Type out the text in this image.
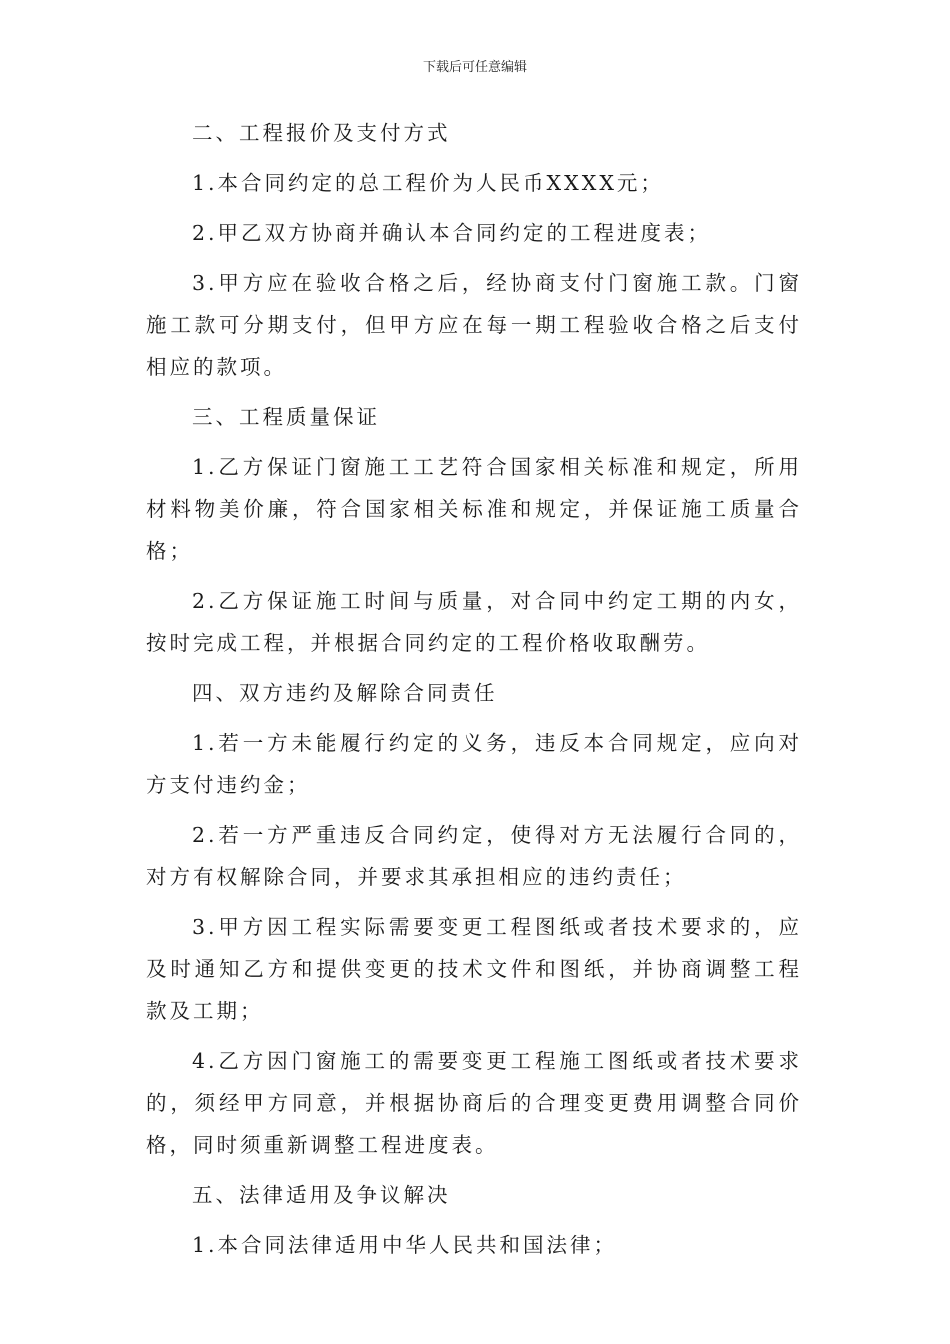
下载后可任意编辑

二、工程报价及支付方式

1.本合同约定的总工程价为人民币XXXX元；

2.甲乙双方协商并确认本合同约定的工程进度表；

3.甲方应在验收合格之后，经协商支付门窗施工款。门窗施工款可分期支付，但甲方应在每一期工程验收合格之后支付相应的款项。

三、工程质量保证

1.乙方保证门窗施工工艺符合国家相关标准和规定，所用材料物美价廉，符合国家相关标准和规定，并保证施工质量合格；

2.乙方保证施工时间与质量，对合同中约定工期的内女，按时完成工程，并根据合同约定的工程价格收取酬劳。

四、双方违约及解除合同责任

1.若一方未能履行约定的义务，违反本合同规定，应向对方支付违约金；

2.若一方严重违反合同约定，使得对方无法履行合同的，对方有权解除合同，并要求其承担相应的违约责任；

3.甲方因工程实际需要变更工程图纸或者技术要求的，应及时通知乙方和提供变更的技术文件和图纸，并协商调整工程款及工期；

4.乙方因门窗施工的需要变更工程施工图纸或者技术要求的，须经甲方同意，并根据协商后的合理变更费用调整合同价格，同时须重新调整工程进度表。

五、法律适用及争议解决

1.本合同法律适用中华人民共和国法律；
